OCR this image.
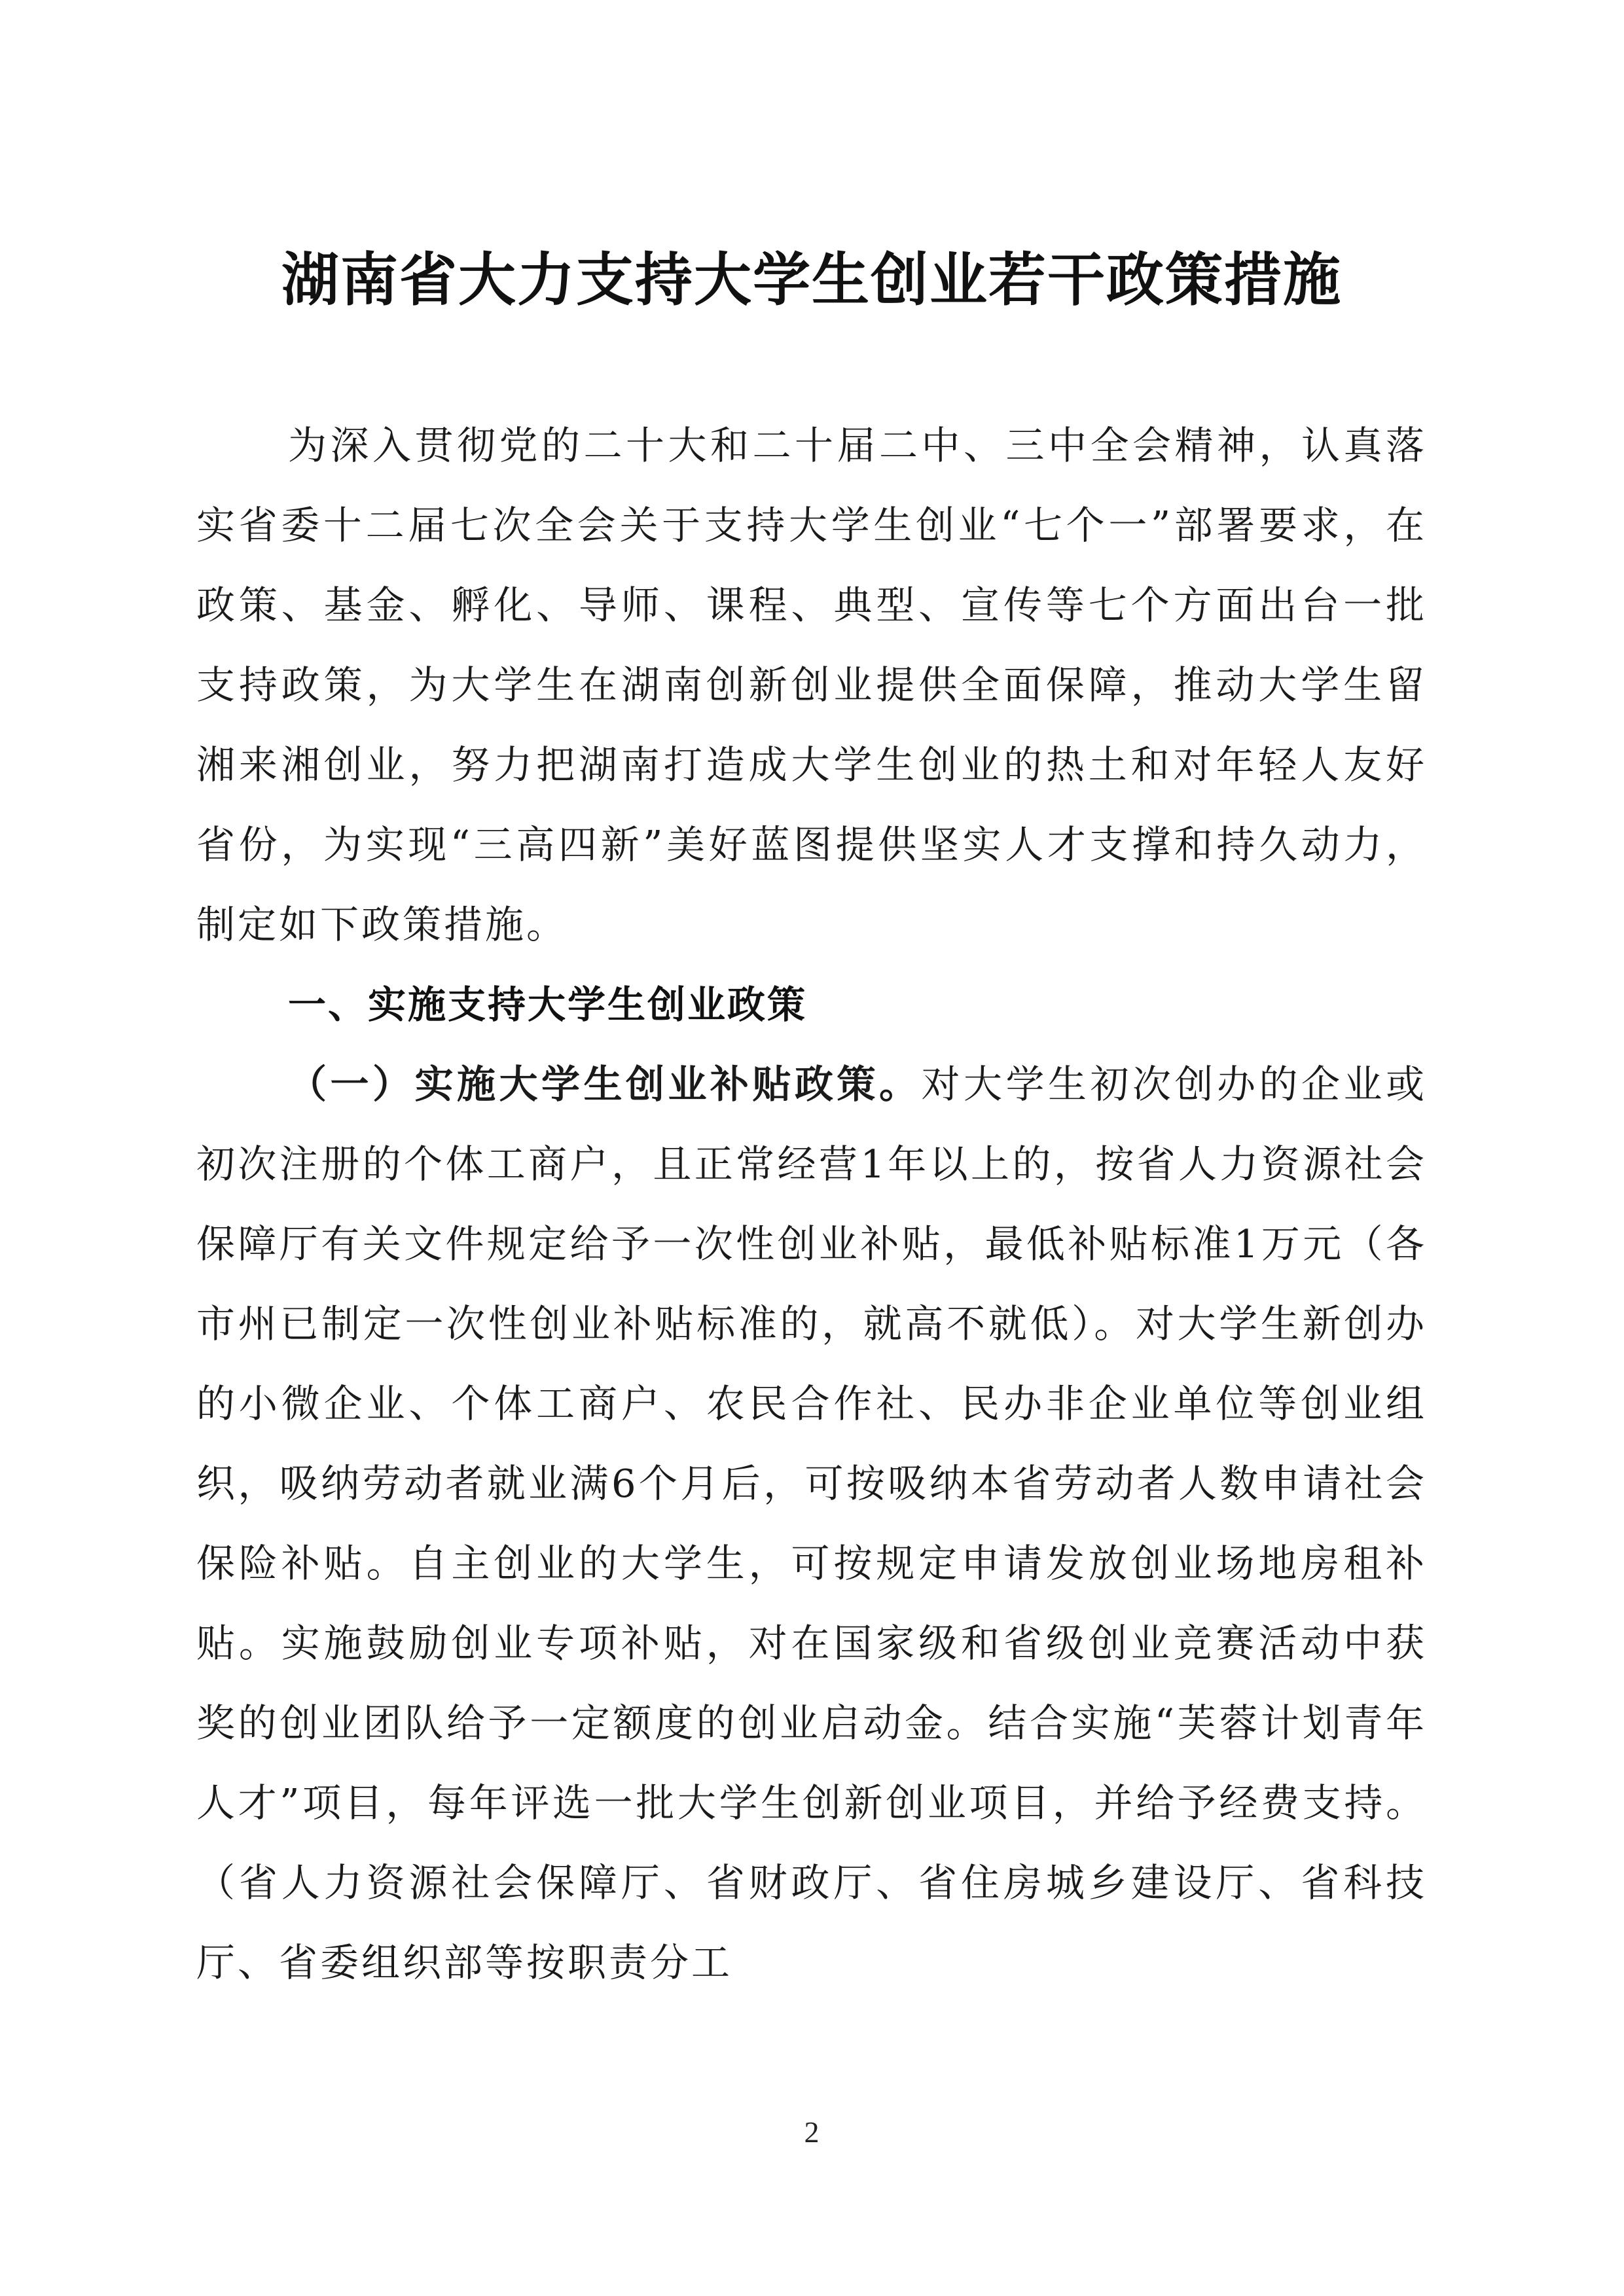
湖南省大力支持大学生创业若干政策措施

为深入贯彻党的二十大和二十届二中、三中全会精神，认真落实省委十二届七次全会关于支持大学生创业“七个一”部署要求，在政策、基金、孵化、导师、课程、典型、宣传等七个方面出台一批支持政策，为大学生在湖南创新创业提供全面保障，推动大学生留湘来湘创业，努力把湖南打造成大学生创业的热土和对年轻人友好省份，为实现“三高四新”美好蓝图提供坚实人才支撑和持久动力，制定如下政策措施。

一、实施支持大学生创业政策

（一）实施大学生创业补贴政策。对大学生初次创办的企业或初次注册的个体工商户，且正常经营1年以上的，按省人力资源社会保障厅有关文件规定给予一次性创业补贴，最低补贴标准1万元（各市州已制定一次性创业补贴标准的，就高不就低）。对大学生新创办的小微企业、个体工商户、农民合作社、民办非企业单位等创业组织，吸纳劳动者就业满6个月后，可按吸纳本省劳动者人数申请社会保险补贴。自主创业的大学生，可按规定申请发放创业场地房租补贴。实施鼓励创业专项补贴，对在国家级和省级创业竞赛活动中获奖的创业团队给予一定额度的创业启动金。结合实施“芙蓉计划青年人才”项目，每年评选一批大学生创新创业项目，并给予经费支持。（省人力资源社会保障厅、省财政厅、省住房城乡建设厅、省科技厅、省委组织部等按职责分工

2
